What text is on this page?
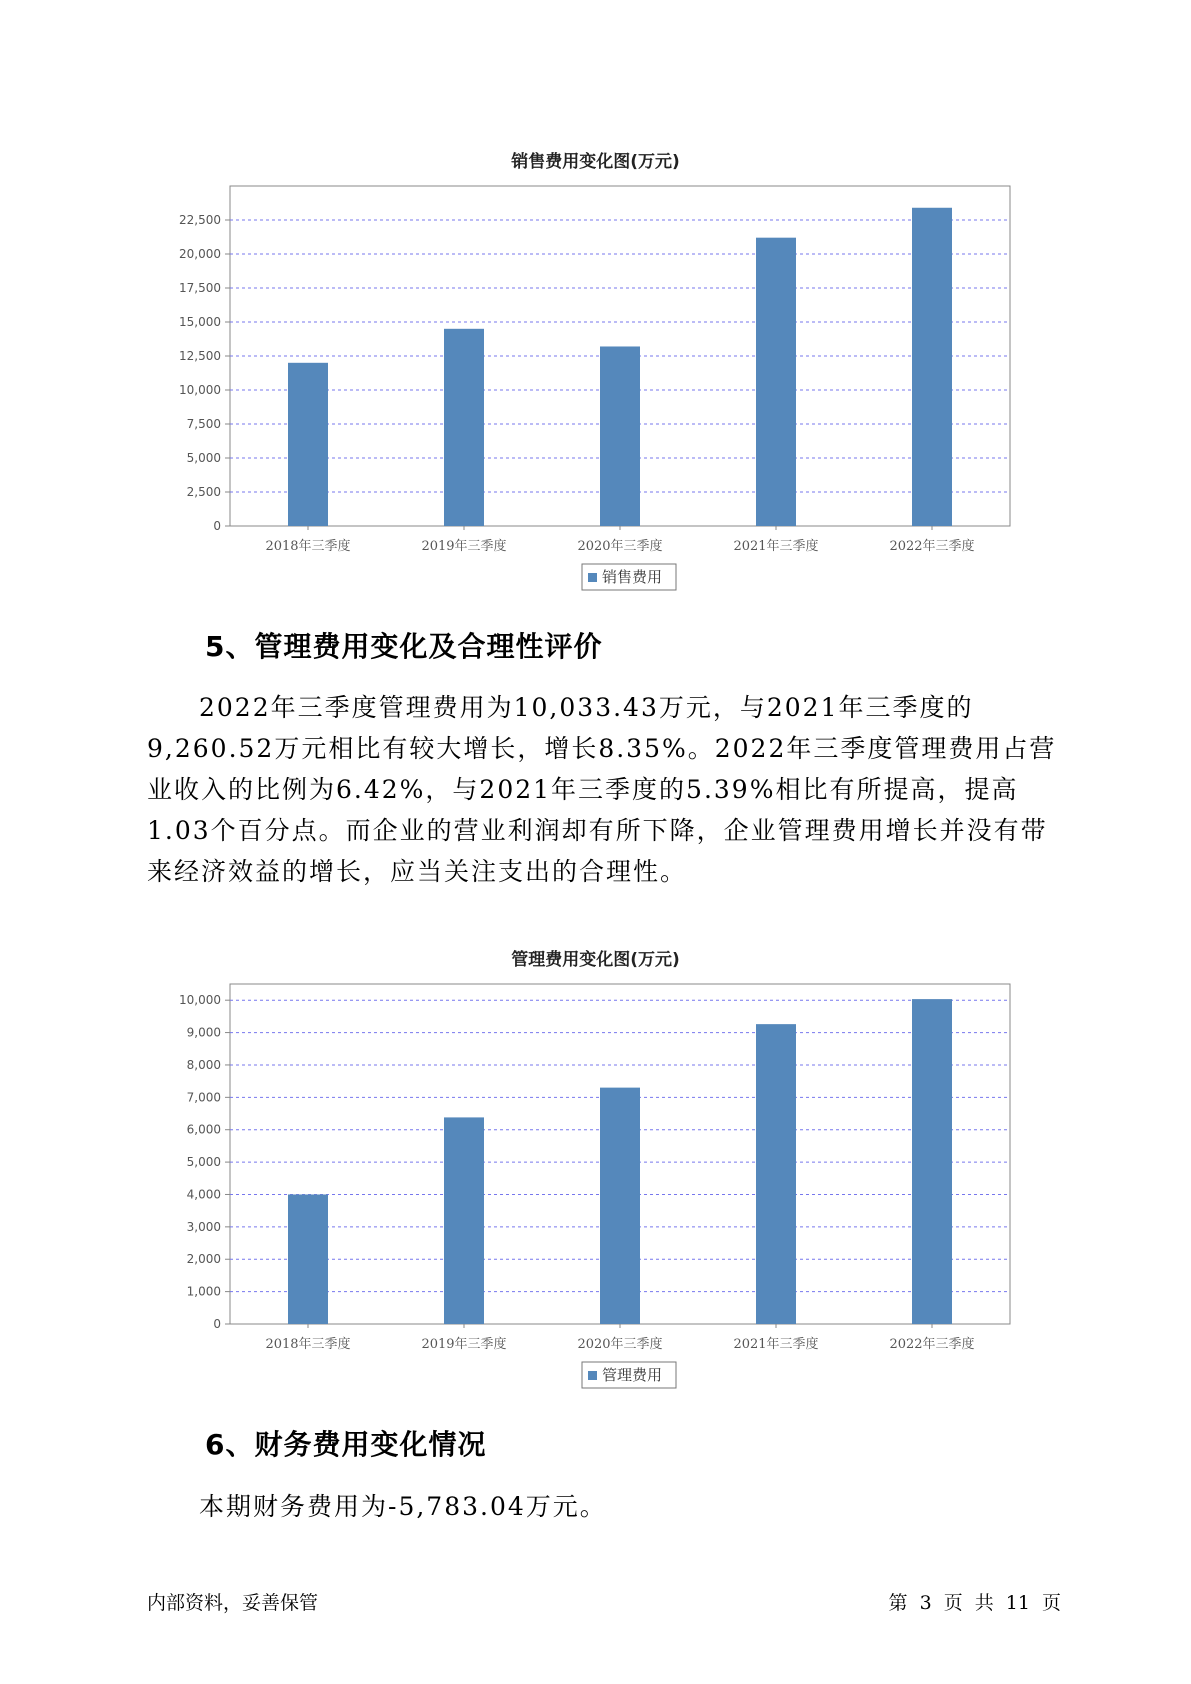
销售费用变化图(万元)
0
2,500
5,000
7,500
10,000
12,500
15,000
17,500
20,000
22,500
2018年三季度	2019年三季度	2020年三季度	2021年三季度	2022年三季度
销售费用
5、管理费用变化及合理性评价
2022年三季度管理费用为10,033.43万元，与2021年三季度的9,260.52万元相比有较大增长，增长8.35%。2022年三季度管理费用占营业收入的比例为6.42%，与2021年三季度的5.39%相比有所提高，提高1.03个百分点。而企业的营业利润却有所下降，企业管理费用增长并没有带来经济效益的增长，应当关注支出的合理性。
管理费用变化图(万元)
0
1,000
2,000
3,000
4,000
5,000
6,000
7,000
8,000
9,000
10,000
2018年三季度	2019年三季度	2020年三季度	2021年三季度	2022年三季度
管理费用
6、财务费用变化情况
本期财务费用为-5,783.04万元。
内部资料，妥善保管	第 3 页 共 11 页
